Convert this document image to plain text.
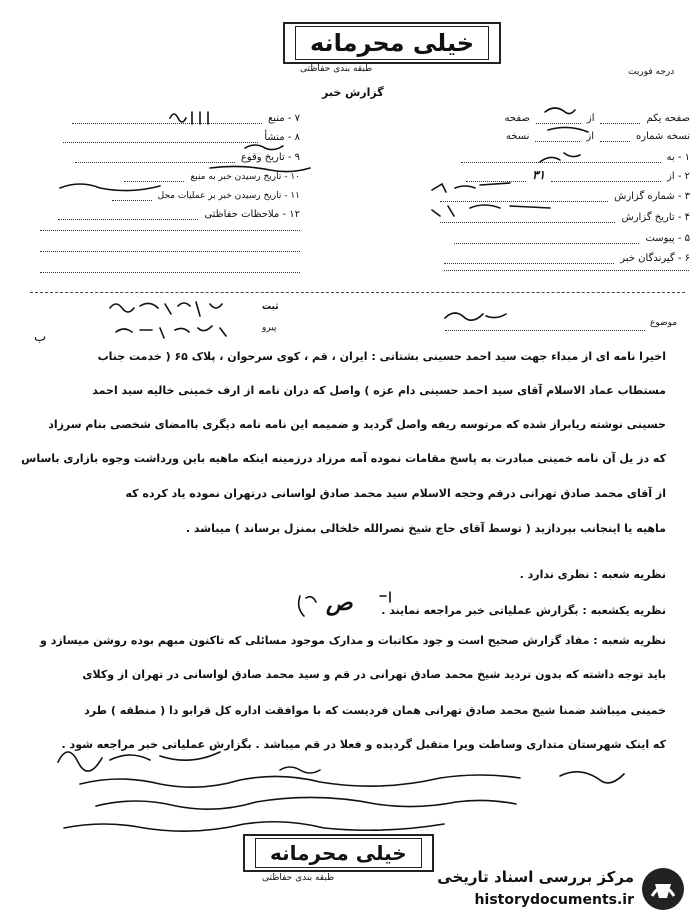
خیلی محرمانه
طبقه بندی حفاظتی	درجه فوریت
گزارش خبر
صفحه یکم
از
صفحه
نسخه شماره
از
نسخه
۱ - به
۲ - از
۳۱
۳ - شماره گزارش
۴ - تاریخ گزارش
۵ - پیوست
۶ - گیرندگان خبر
۷ - منبع
۸ - منشأ
۹ - تاریخ وقوع
۱۰ - تاریخ رسیدن خبر به منبع
۱۱ - تاریخ رسیدن خبر بر عملیات محل
۱۲ - ملاحظات حفاظتی
موضوع
ثبت
پیرو
ب
اخیرا نامه ای از مبداء جهت سید احمد حسینی بشتاتی : ایران ، قم ، کوی سرحوان ، پلاک ۶۵ ( خدمت جناب
مستطاب عماد الاسلام آقای سید احمد حسینی دام عزه ) واصل که دران نامه از ارف خمینی خالیه سید احمد
حسینی نوشته ریابراز شده که مرتوسه ریفه واصل گردید و ضمیمه این نامه نامه دیگری باامضای شخصی بنام سرزاد
که دز یل آن نامه خمینی مبادرت به پاسخ مقامات نموده آمه مرزاد درزمینه اینکه ماهیه باین ورداشت وجوه بازاری باساس
از آقای محمد صادق تهرانی درقم وحجه الاسلام سید محمد صادق لواسانی درتهران نموده یاد کرده که
ماهیه یا اینجانب بپردازید ( توسط آقای حاج شیخ نصرالله خلخالی بمنزل برساند ) میباشد .
نظریه شعبه : نظری ندارد .
نظریه یکشعبه : بگزارش عملیاتی خبر مراجعه نمایند .
نظریه شعبه : مفاد گزارش صحیح است و جود مکاتبات و مدارک موجود مسائلی که تاکنون مبهم بوده روشن میسازد و
باید توجه داشته که بدون تردید شیخ محمد صادق تهرانی در قم و سید محمد صادق لواسانی در تهران از وکلای
خمینی میباشد ضمنا شیخ محمد صادق تهرانی همان فردیست که با موافقت اداره کل قرابو دا ( منطقه ) طرد
که اینک شهرستان متداری وساطت ویرا متقبل گردیده و فعلا در قم میباشد . بگزارش عملیاتی خبر مراجعه شود .
ص
خیلی محرمانه
طبقه بندی حفاظتی	مرکز بررسی اسناد تاریخی
historydocuments.ir
